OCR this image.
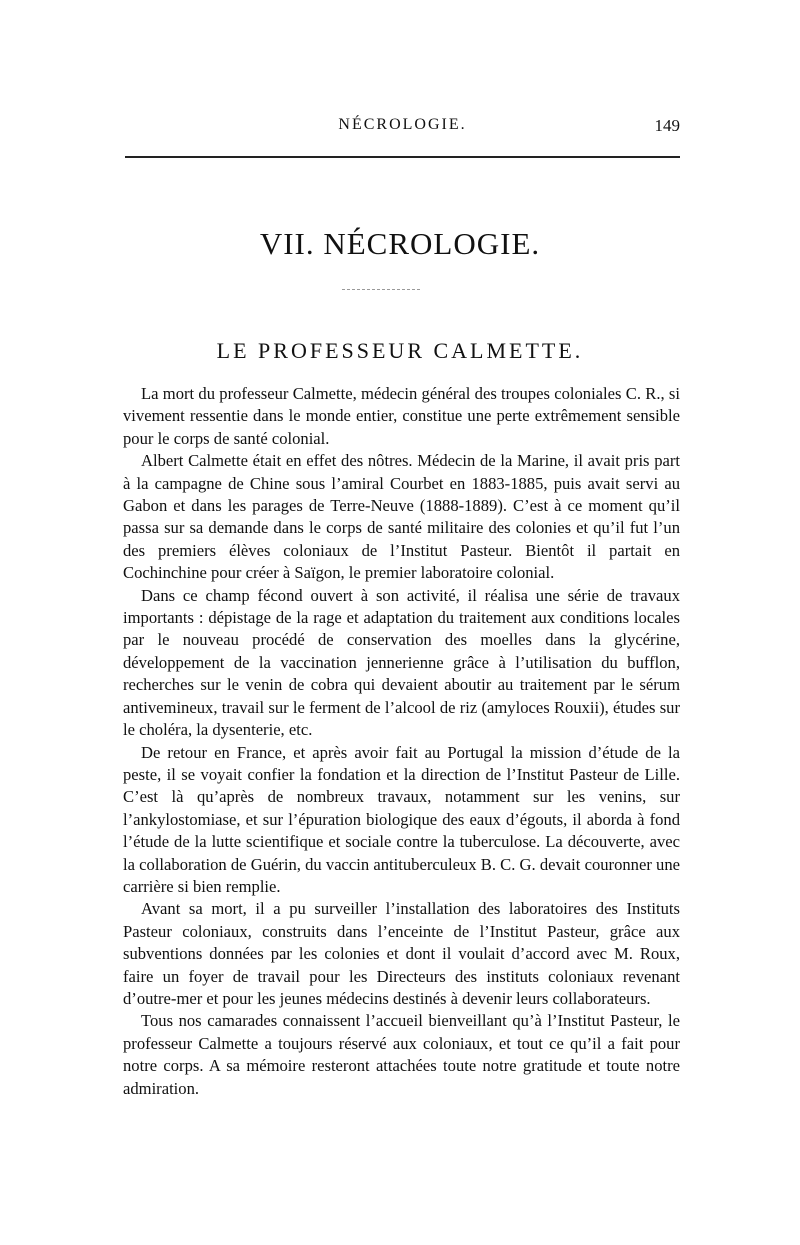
NÉCROLOGIE.	149
VII. NÉCROLOGIE.
LE PROFESSEUR CALMETTE.

La mort du professeur Calmette, médecin général des troupes coloniales C. R., si vivement ressentie dans le monde entier, constitue une perte extrêmement sensible pour le corps de santé colonial.

Albert Calmette était en effet des nôtres. Médecin de la Marine, il avait pris part à la campagne de Chine sous l’amiral Courbet en 1883-1885, puis avait servi au Gabon et dans les parages de Terre-Neuve (1888-1889). C’est à ce moment qu’il passa sur sa demande dans le corps de santé militaire des colonies et qu’il fut l’un des premiers élèves coloniaux de l’Institut Pasteur. Bientôt il partait en Cochinchine pour créer à Saïgon, le premier laboratoire colonial.

Dans ce champ fécond ouvert à son activité, il réalisa une série de travaux importants : dépistage de la rage et adaptation du traitement aux conditions locales par le nouveau procédé de conservation des moelles dans la glycérine, développement de la vaccination jennerienne grâce à l’utilisation du bufflon, recherches sur le venin de cobra qui devaient aboutir au traitement par le sérum antivemineux, travail sur le ferment de l’alcool de riz (amyloces Rouxii), études sur le choléra, la dysenterie, etc.

De retour en France, et après avoir fait au Portugal la mission d’étude de la peste, il se voyait confier la fondation et la direction de l’Institut Pasteur de Lille. C’est là qu’après de nombreux travaux, notamment sur les venins, sur l’ankylostomiase, et sur l’épuration biologique des eaux d’égouts, il aborda à fond l’étude de la lutte scientifique et sociale contre la tuberculose. La découverte, avec la collaboration de Guérin, du vaccin antituberculeux B. C. G. devait couronner une carrière si bien remplie.

Avant sa mort, il a pu surveiller l’installation des laboratoires des Instituts Pasteur coloniaux, construits dans l’enceinte de l’Institut Pasteur, grâce aux subventions données par les colonies et dont il voulait d’accord avec M. Roux, faire un foyer de travail pour les Directeurs des instituts coloniaux revenant d’outre-mer et pour les jeunes médecins destinés à devenir leurs collaborateurs.

Tous nos camarades connaissent l’accueil bienveillant qu’à l’Institut Pasteur, le professeur Calmette a toujours réservé aux coloniaux, et tout ce qu’il a fait pour notre corps. A sa mémoire resteront attachées toute notre gratitude et toute notre admiration.
